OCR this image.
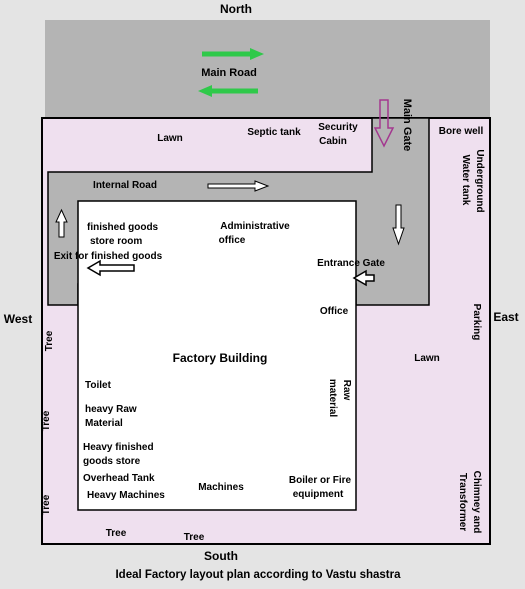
North
South
East
West
Main Road
Main Gate
Lawn
Septic tank Security
Cabin
Bore well
Underground
Water tank
Internal Road
finished goods
store room
Administrative
office
Exit for finished goods
Entrance Gate
Office
Factory Building
Raw
material
Toilet
heavy Raw
Material
Heavy finished
goods store
Overhead Tank
Heavy Machines
Machines
Boiler or Fire
equipment
Parking
Lawn
Chimney and
Transformer
Tree
Tree
Tree
Tree	Tree
Ideal Factory layout plan according to Vastu shastra
